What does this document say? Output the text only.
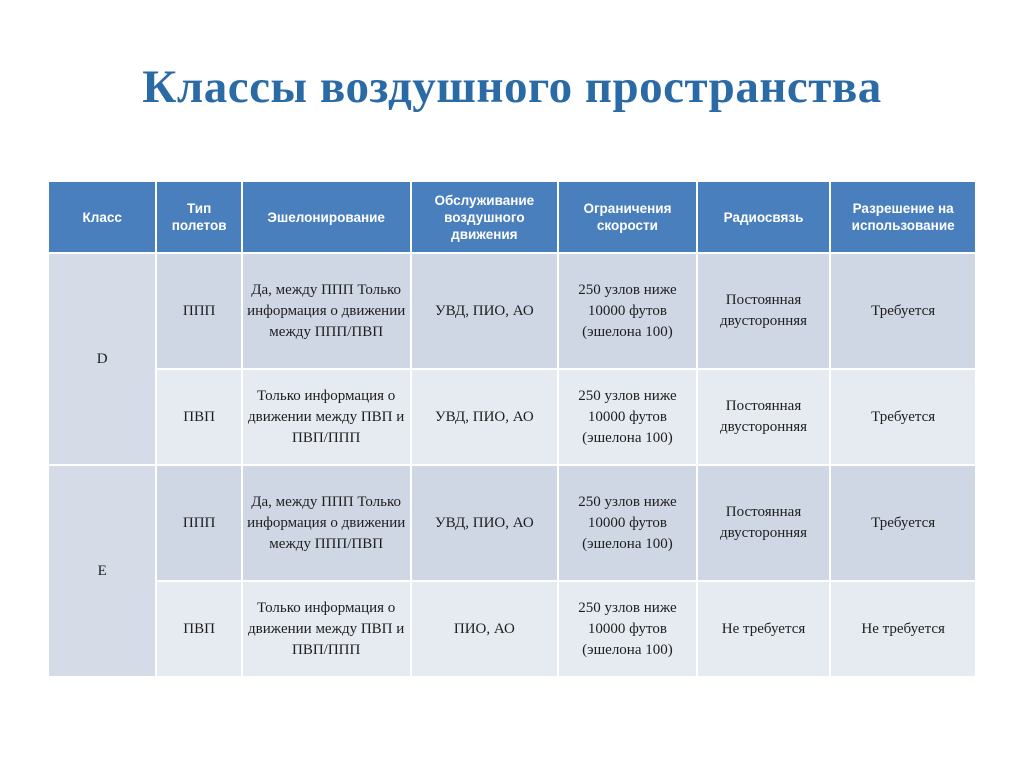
Классы воздушного пространства
Класс	Тип полетов	Эшелонирование	Обслуживание воздушного движения	Ограничения скорости	Радиосвязь	Разрешение на использование
D	ППП	Да, между ППП Только информация о движении между ППП/ПВП	УВД, ПИО, АО	250 узлов ниже 10000 футов (эшелона 100)	Постоянная двусторонняя	Требуется
	ПВП	Только информация о движении между ПВП и ПВП/ППП	УВД, ПИО, АО	250 узлов ниже 10000 футов (эшелона 100)	Постоянная двусторонняя	Требуется
E	ППП	Да, между ППП Только информация о движении между ППП/ПВП	УВД, ПИО, АО	250 узлов ниже 10000 футов (эшелона 100)	Постоянная двусторонняя	Требуется
	ПВП	Только информация о движении между ПВП и ПВП/ППП	ПИО, АО	250 узлов ниже 10000 футов (эшелона 100)	Не требуется	Не требуется
